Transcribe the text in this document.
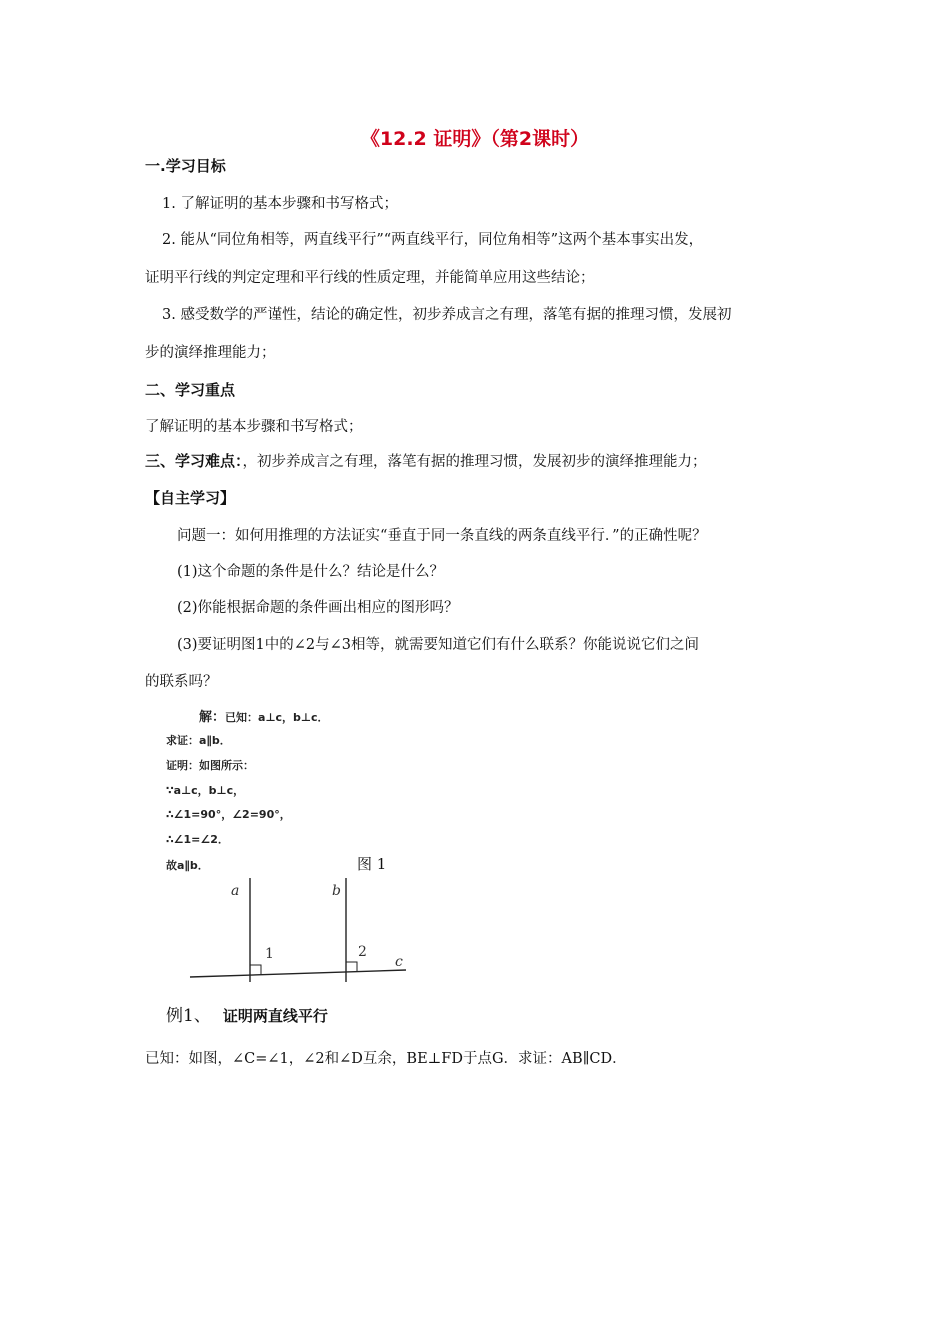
《12.2 证明》（第2课时）
一.学习目标
1. 了解证明的基本步骤和书写格式；
2. 能从“同位角相等，两直线平行”“两直线平行，同位角相等”这两个基本事实出发，
证明平行线的判定定理和平行线的性质定理，并能简单应用这些结论；
3. 感受数学的严谨性，结论的确定性，初步养成言之有理，落笔有据的推理习惯，发展初
步的演绎推理能力；
二、学习重点
了解证明的基本步骤和书写格式；
三、学习难点：，初步养成言之有理，落笔有据的推理习惯，发展初步的演绎推理能力；
【自主学习】
问题一：如何用推理的方法证实“垂直于同一条直线的两条直线平行．”的正确性呢？
(1)这个命题的条件是什么？结论是什么？
(2)你能根据命题的条件画出相应的图形吗？
(3)要证明图1中的∠2与∠3相等，就需要知道它们有什么联系？你能说说它们之间
的联系吗？
解：已知：a⊥c，b⊥c．
求证：a∥b．
证明：如图所示：
∵a⊥c，b⊥c，
∴∠1=90°，∠2=90°，
∴∠1=∠2．
故a∥b．	图 1
a	b
c
1	2
例1、 证明两直线平行
已知：如图，∠C=∠1，∠2和∠D互余，BE⊥FD于点G．求证：AB∥CD．
